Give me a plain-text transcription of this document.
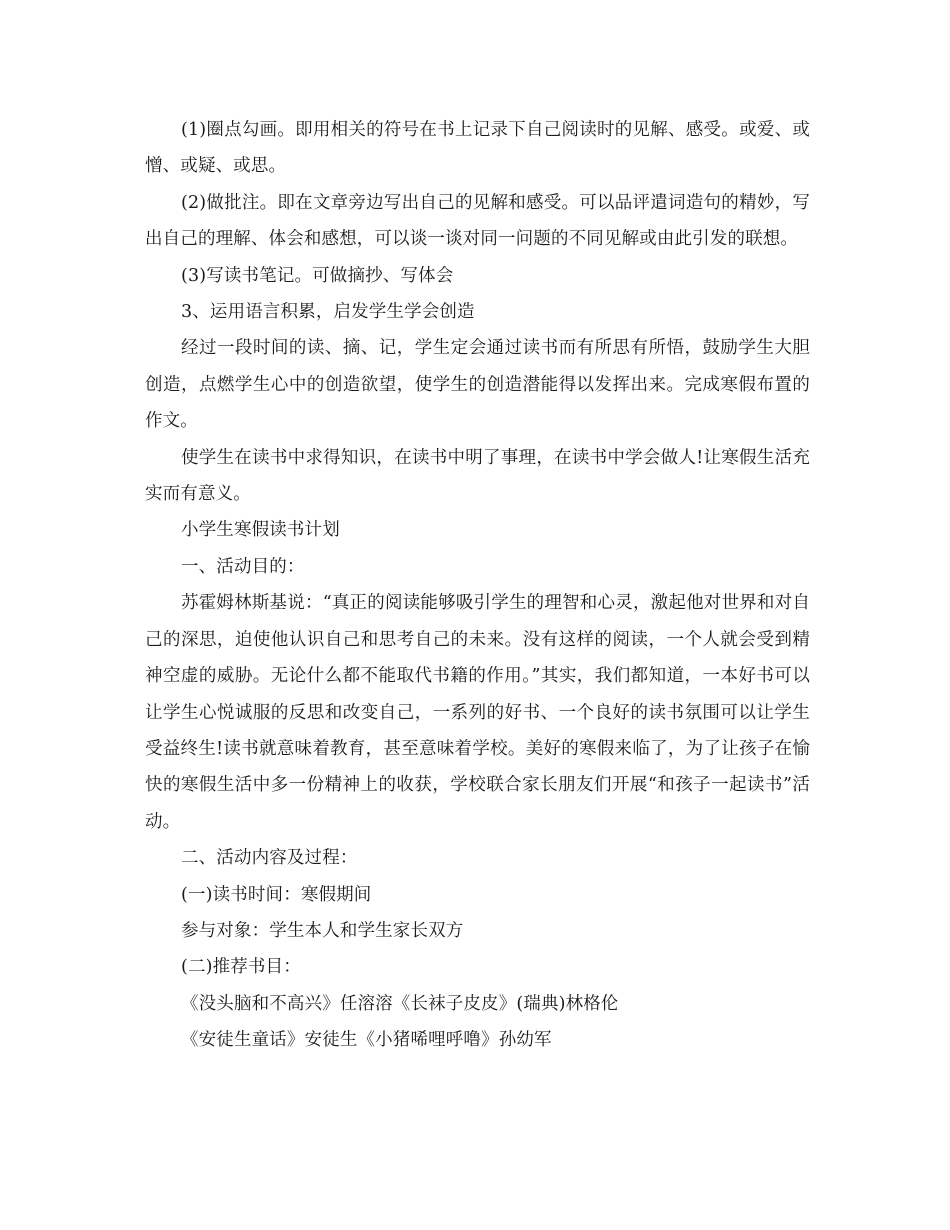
(1)圈点勾画。即用相关的符号在书上记录下自己阅读时的见解、感受。或爱、或憎、或疑、或思。

(2)做批注。即在文章旁边写出自己的见解和感受。可以品评遣词造句的精妙，写出自己的理解、体会和感想，可以谈一谈对同一问题的不同见解或由此引发的联想。

(3)写读书笔记。可做摘抄、写体会

3、运用语言积累，启发学生学会创造

经过一段时间的读、摘、记，学生定会通过读书而有所思有所悟，鼓励学生大胆创造，点燃学生心中的创造欲望，使学生的创造潜能得以发挥出来。完成寒假布置的作文。

使学生在读书中求得知识，在读书中明了事理，在读书中学会做人!让寒假生活充实而有意义。

小学生寒假读书计划

一、活动目的：

苏霍姆林斯基说：“真正的阅读能够吸引学生的理智和心灵，激起他对世界和对自己的深思，迫使他认识自己和思考自己的未来。没有这样的阅读，一个人就会受到精神空虚的威胁。无论什么都不能取代书籍的作用。”其实，我们都知道，一本好书可以让学生心悦诚服的反思和改变自己，一系列的好书、一个良好的读书氛围可以让学生受益终生!读书就意味着教育，甚至意味着学校。美好的寒假来临了，为了让孩子在愉快的寒假生活中多一份精神上的收获，学校联合家长朋友们开展“和孩子一起读书”活动。

二、活动内容及过程：

(一)读书时间：寒假期间

参与对象：学生本人和学生家长双方

(二)推荐书目：

《没头脑和不高兴》任溶溶《长袜子皮皮》(瑞典)林格伦

《安徒生童话》安徒生《小猪唏哩呼噜》孙幼军
